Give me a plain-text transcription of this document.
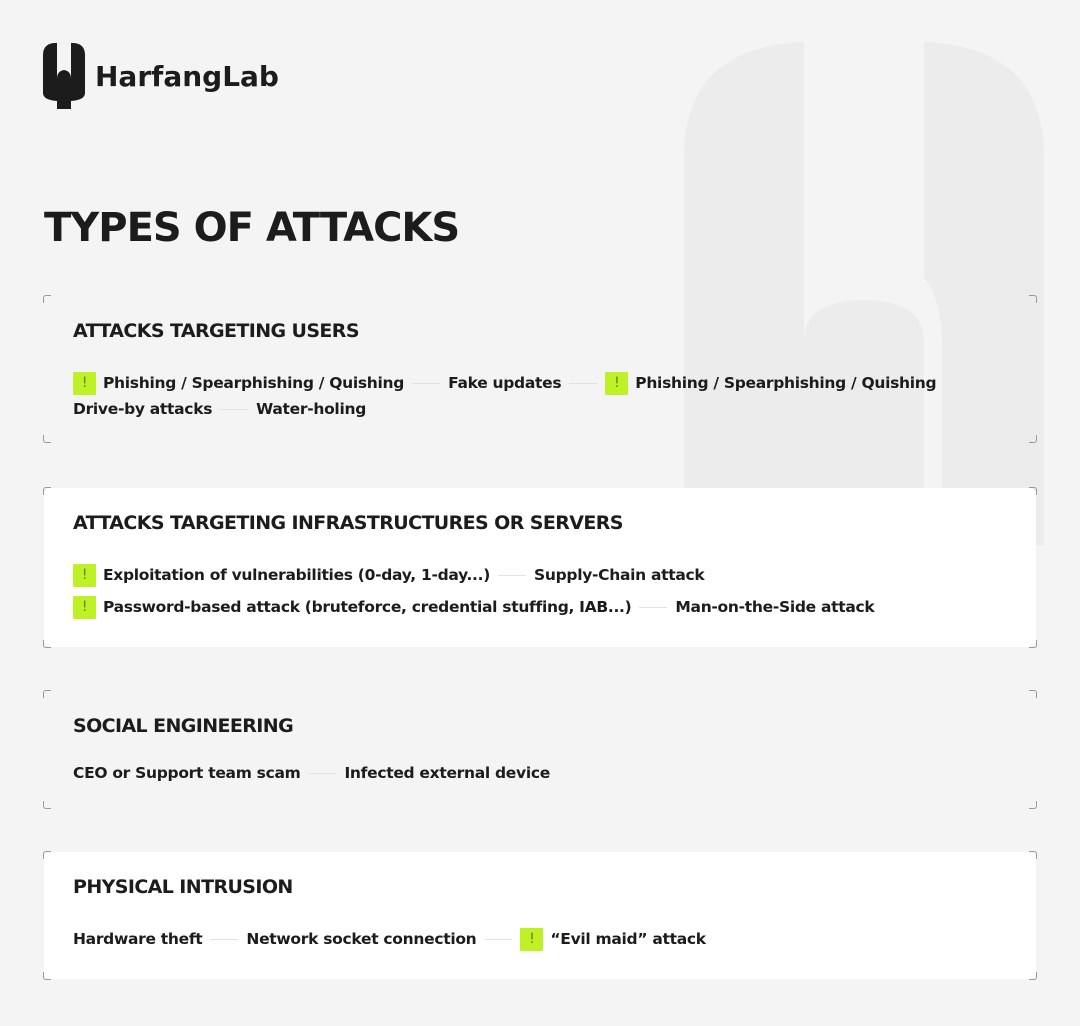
HarfangLab
TYPES OF ATTACKS
ATTACKS TARGETING USERS
!	Phishing / Spearphishing / Quishing	Fake updates	!	Phishing / Spearphishing / Quishing
Drive-by attacks	Water-holing
ATTACKS TARGETING INFRASTRUCTURES OR SERVERS
!	Exploitation of vulnerabilities (0-day, 1-day...)	Supply-Chain attack
!	Password-based attack (bruteforce, credential stuffing, IAB...)	Man-on-the-Side attack
SOCIAL ENGINEERING
CEO or Support team scam	Infected external device
PHYSICAL INTRUSION
Hardware theft	Network socket connection	!	“Evil maid” attack
